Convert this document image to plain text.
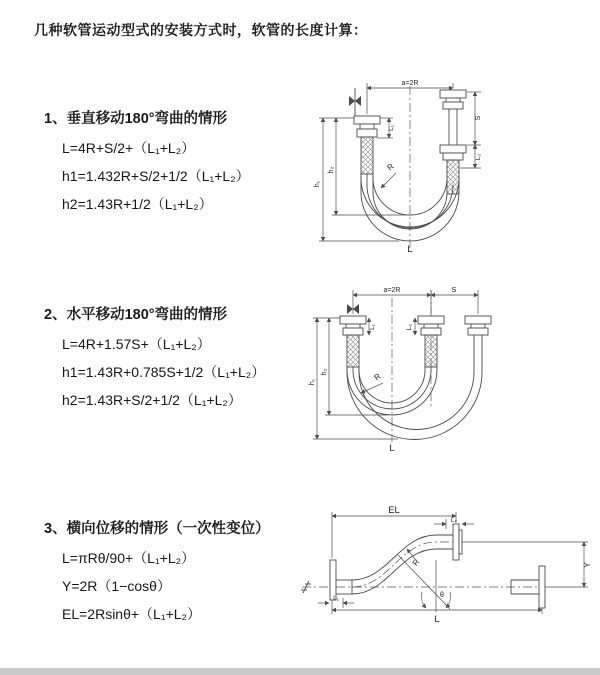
几种软管运动型式的安装方式时，软管的长度计算：

1、垂直移动180°弯曲的情形

L=4R+S/2+（L₁+L₂）

h1=1.432R+S/2+1/2（L₁+L₂）

h2=1.43R+1/2（L₁+L₂）

2、水平移动180°弯曲的情形

L=4R+1.57S+（L₁+L₂）

h1=1.43R+0.785S+1/2（L₁+L₂）

h2=1.43R+S/2+1/2（L₁+L₂）

3、横向位移的情形（一次性变位）

L=πRθ/90+（L₁+L₂）

Y=2R（1−cosθ）

EL=2Rsinθ+（L₁+L₂）

a=2R
h₁
h₂
L₁
S
L₂
R
L
a=2R	S
h₁
h₂
L₁	L₂
R
L
θ
R
EL
L₂
Y
L
L₁
